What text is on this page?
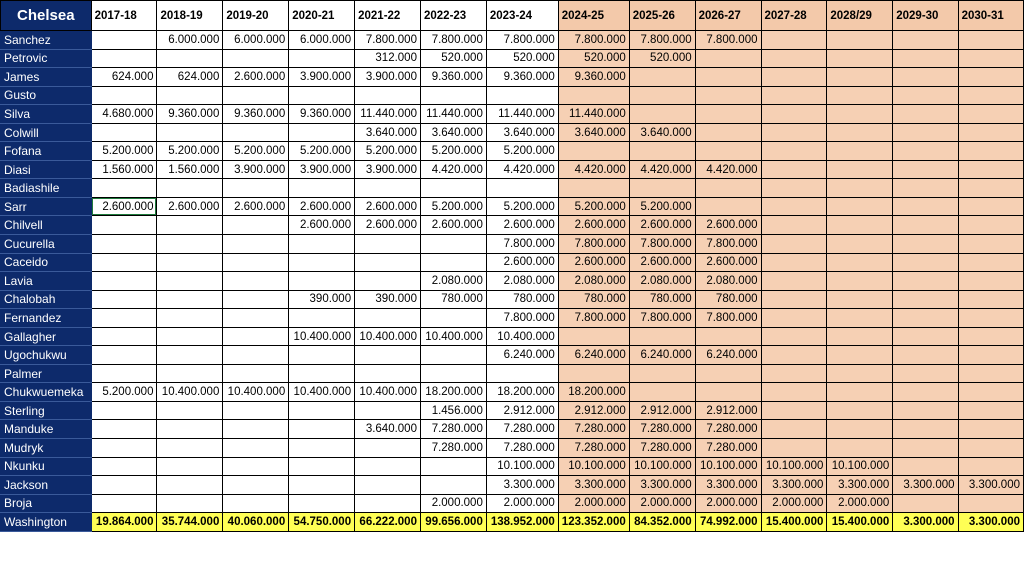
Chelsea	2017-18	2018-19	2019-20	2020-21	2021-22	2022-23	2023-24	2024-25	2025-26	2026-27	2027-28	2028/29	2029-30	2030-31
Sanchez		6.000.000	6.000.000	6.000.000	7.800.000	7.800.000	7.800.000	7.800.000	7.800.000	7.800.000				
Petrovic					312.000	520.000	520.000	520.000	520.000					
James	624.000	624.000	2.600.000	3.900.000	3.900.000	9.360.000	9.360.000	9.360.000						
Gusto														
Silva	4.680.000	9.360.000	9.360.000	9.360.000	11.440.000	11.440.000	11.440.000	11.440.000						
Colwill					3.640.000	3.640.000	3.640.000	3.640.000	3.640.000					
Fofana	5.200.000	5.200.000	5.200.000	5.200.000	5.200.000	5.200.000	5.200.000							
Diasi	1.560.000	1.560.000	3.900.000	3.900.000	3.900.000	4.420.000	4.420.000	4.420.000	4.420.000	4.420.000				
Badiashile														
Sarr	2.600.000	2.600.000	2.600.000	2.600.000	2.600.000	5.200.000	5.200.000	5.200.000	5.200.000					
Chilvell				2.600.000	2.600.000	2.600.000	2.600.000	2.600.000	2.600.000	2.600.000				
Cucurella							7.800.000	7.800.000	7.800.000	7.800.000				
Caceido							2.600.000	2.600.000	2.600.000	2.600.000				
Lavia						2.080.000	2.080.000	2.080.000	2.080.000	2.080.000				
Chalobah				390.000	390.000	780.000	780.000	780.000	780.000	780.000				
Fernandez							7.800.000	7.800.000	7.800.000	7.800.000				
Gallagher				10.400.000	10.400.000	10.400.000	10.400.000							
Ugochukwu							6.240.000	6.240.000	6.240.000	6.240.000				
Palmer														
Chukwuemeka	5.200.000	10.400.000	10.400.000	10.400.000	10.400.000	18.200.000	18.200.000	18.200.000						
Sterling						1.456.000	2.912.000	2.912.000	2.912.000	2.912.000				
Manduke					3.640.000	7.280.000	7.280.000	7.280.000	7.280.000	7.280.000				
Mudryk						7.280.000	7.280.000	7.280.000	7.280.000	7.280.000				
Nkunku							10.100.000	10.100.000	10.100.000	10.100.000	10.100.000	10.100.000		
Jackson							3.300.000	3.300.000	3.300.000	3.300.000	3.300.000	3.300.000	3.300.000	3.300.000
Broja						2.000.000	2.000.000	2.000.000	2.000.000	2.000.000	2.000.000	2.000.000		
Washington	19.864.000	35.744.000	40.060.000	54.750.000	66.222.000	99.656.000	138.952.000	123.352.000	84.352.000	74.992.000	15.400.000	15.400.000	3.300.000	3.300.000
